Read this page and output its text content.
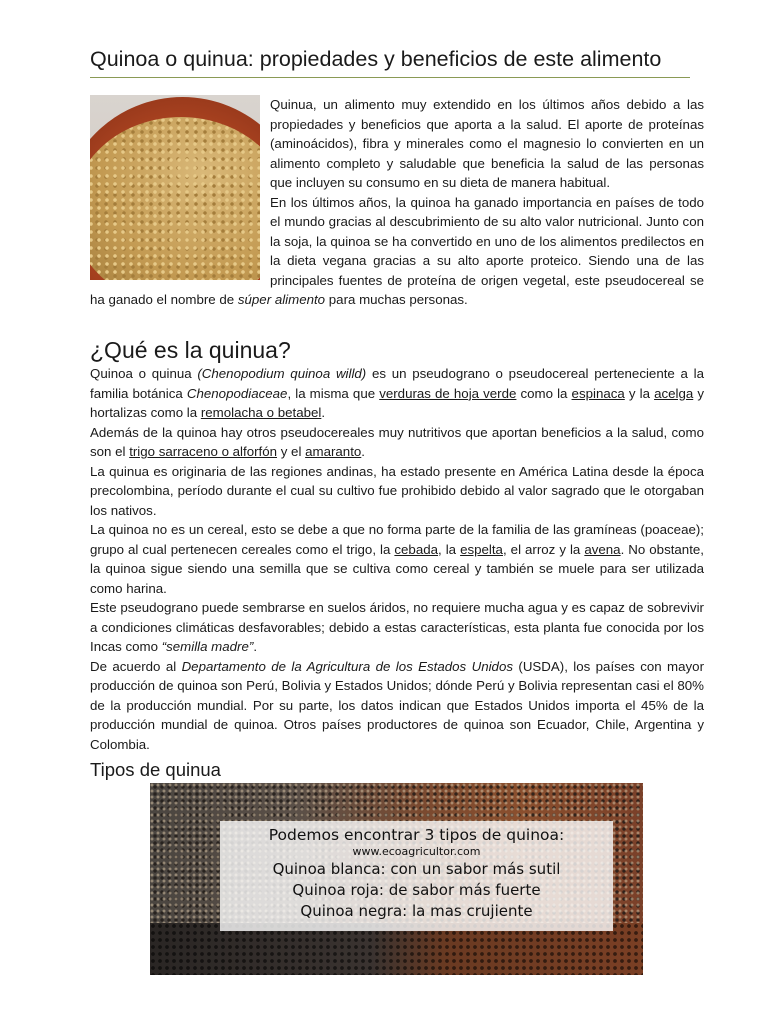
Quinoa o quinua: propiedades y beneficios de este alimento

Quinua, un alimento muy extendido en los últimos años debido a las propiedades y beneficios que aporta a la salud. El aporte de proteínas (aminoácidos), fibra y minerales como el magnesio lo convierten en un alimento completo y saludable que beneficia la salud de las personas que incluyen su consumo en su dieta de manera habitual.

En los últimos años, la quinoa ha ganado importancia en países de todo el mundo gracias al descubrimiento de su alto valor nutricional. Junto con la soja, la quinoa se ha convertido en uno de los alimentos predilectos en la dieta vegana gracias a su alto aporte proteico. Siendo una de las principales fuentes de proteína de origen vegetal, este pseudocereal se ha ganado el nombre de súper alimento para muchas personas.

¿Qué es la quinua?

Quinoa o quinua (Chenopodium quinoa willd) es un pseudograno o pseudocereal perteneciente a la familia botánica Chenopodiaceae, la misma que verduras de hoja verde como la espinaca y la acelga y hortalizas como la remolacha o betabel.

Además de la quinoa hay otros pseudocereales muy nutritivos que aportan beneficios a la salud, como son el trigo sarraceno o alforfón y el amaranto.

La quinua es originaria de las regiones andinas, ha estado presente en América Latina desde la época precolombina, período durante el cual su cultivo fue prohibido debido al valor sagrado que le otorgaban los nativos.

La quinoa no es un cereal, esto se debe a que no forma parte de la familia de las gramíneas (poaceae); grupo al cual pertenecen cereales como el trigo, la cebada, la espelta, el arroz y la avena. No obstante, la quinoa sigue siendo una semilla que se cultiva como cereal y también se muele para ser utilizada como harina.

Este pseudograno puede sembrarse en suelos áridos, no requiere mucha agua y es capaz de sobrevivir a condiciones climáticas desfavorables; debido a estas características, esta planta fue conocida por los Incas como “semilla madre”.

De acuerdo al Departamento de la Agricultura de los Estados Unidos (USDA), los países con mayor producción de quinoa son Perú, Bolivia y Estados Unidos; dónde Perú y Bolivia representan casi el 80% de la producción mundial. Por su parte, los datos indican que Estados Unidos importa el 45% de la producción mundial de quinoa. Otros países productores de quinoa son Ecuador, Chile, Argentina y Colombia.

Tipos de quinua
Podemos encontrar 3 tipos de quinoa:
www.ecoagricultor.com
Quinoa blanca: con un sabor más sutil
Quinoa roja: de sabor más fuerte
Quinoa negra: la mas crujiente
